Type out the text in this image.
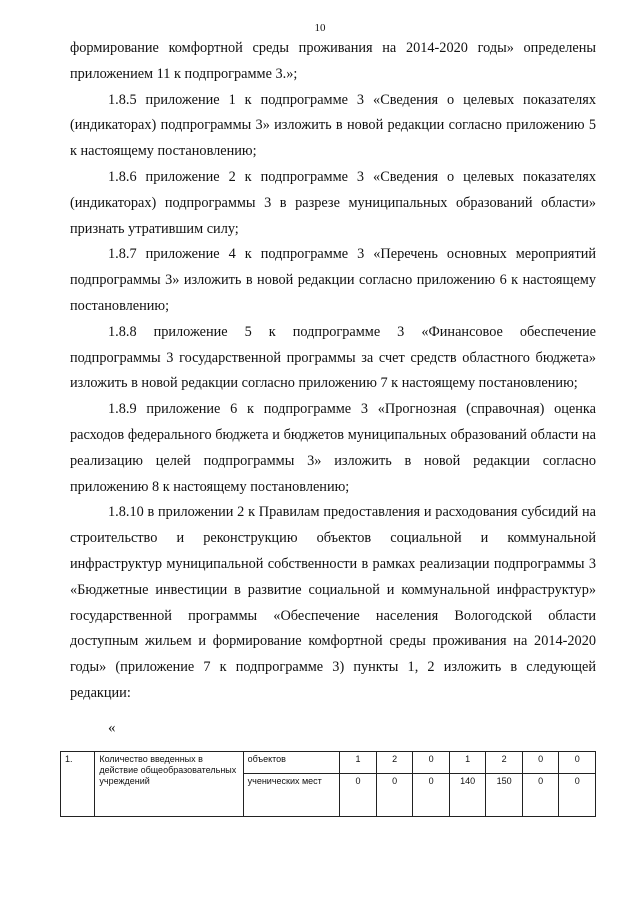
10

формирование комфортной среды проживания на 2014-2020 годы» определены приложением 11 к подпрограмме 3.»;

1.8.5 приложение 1 к подпрограмме 3 «Сведения о целевых показателях (индикаторах) подпрограммы 3» изложить в новой редакции согласно приложению 5 к настоящему постановлению;

1.8.6 приложение 2 к подпрограмме 3 «Сведения о целевых показателях (индикаторах) подпрограммы 3 в разрезе муниципальных образований области» признать утратившим силу;

1.8.7 приложение 4 к подпрограмме 3 «Перечень основных мероприятий подпрограммы 3» изложить в новой редакции согласно приложению 6 к настоящему постановлению;

1.8.8 приложение 5 к подпрограмме 3 «Финансовое обеспечение подпрограммы 3 государственной программы за счет средств областного бюджета» изложить в новой редакции согласно приложению 7 к настоящему постановлению;

1.8.9 приложение 6 к подпрограмме 3 «Прогнозная (справочная) оценка расходов федерального бюджета и бюджетов муниципальных образований области на реализацию целей подпрограммы 3» изложить в новой редакции согласно приложению 8 к настоящему постановлению;

1.8.10 в приложении 2 к Правилам предоставления и расходования субсидий на строительство и реконструкцию объектов социальной и коммунальной инфраструктур муниципальной собственности в рамках реализации подпрограммы 3 «Бюджетные инвестиции в развитие социальной и коммунальной инфраструктур» государственной программы «Обеспечение населения Вологодской области доступным жильем и формирование комфортной среды проживания на 2014-2020 годы» (приложение 7 к подпрограмме 3) пункты 1, 2 изложить в следующей редакции:

«
1.	Количество введенных в действие общеобразовательных учреждений	объектов	1	2	0	1	2	0	0
		ученических мест	0	0	0	140	150	0	0
